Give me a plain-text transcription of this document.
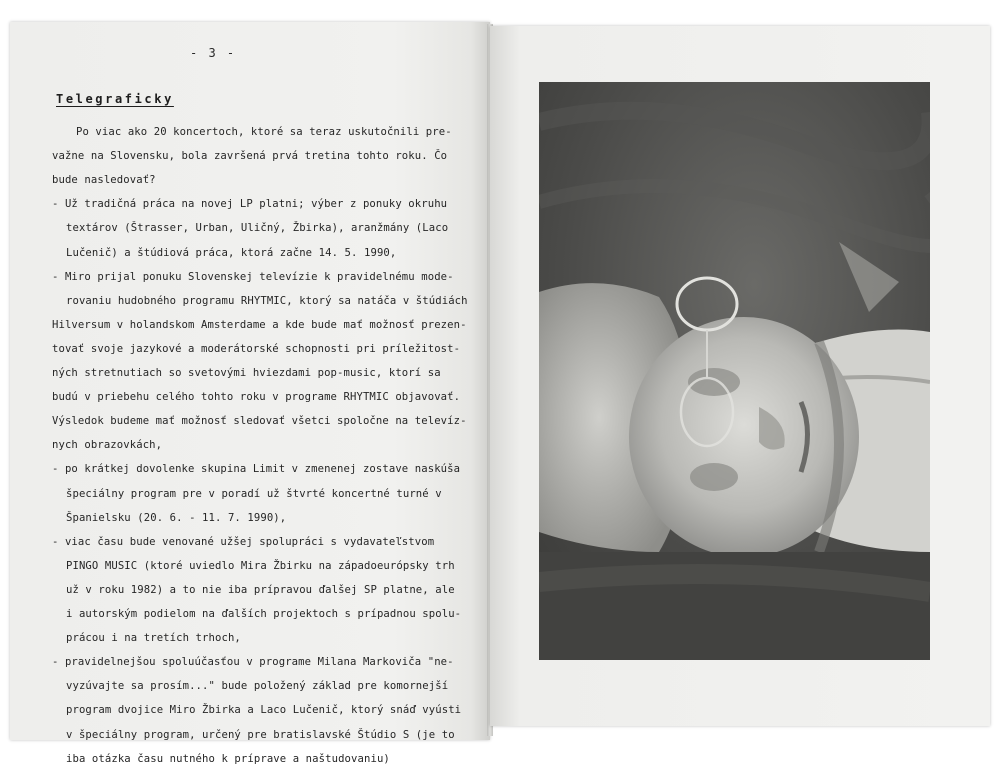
- 3 -
Telegraficky
Po viac ako 20 koncertoch, ktoré sa teraz uskutočnili pre-
važne na Slovensku, bola završená prvá tretina tohto roku. Čo
bude nasledovať?
- Už tradičná práca na novej LP platni; výber z ponuky okruhu
textárov (Štrasser, Urban, Uličný, Žbirka), aranžmány (Laco
Lučenič) a štúdiová práca, ktorá začne 14. 5. 1990,
- Miro prijal ponuku Slovenskej televízie k pravidelnému mode-
rovaniu hudobného programu RHYTMIC, ktorý sa natáča v štúdiách
Hilversum v holandskom Amsterdame a kde bude mať možnosť prezen-
tovať svoje jazykové a moderátorské schopnosti pri príležitost-
ných stretnutiach so svetovými hviezdami pop-music, ktorí sa
budú v priebehu celého tohto roku v programe RHYTMIC objavovať.
Výsledok budeme mať možnosť sledovať všetci spoločne na televíz-
nych obrazovkách,
- po krátkej dovolenke skupina Limit v zmenenej zostave naskúša
špeciálny program pre v poradí už štvrté koncertné turné v
Španielsku (20. 6. - 11. 7. 1990),
- viac času bude venované užšej spolupráci s vydavateľstvom
PINGO MUSIC (ktoré uviedlo Mira Žbirku na západoeurópsky trh
už v roku 1982) a to nie iba prípravou ďalšej SP platne, ale
i autorským podielom na ďalších projektoch s prípadnou spolu-
prácou i na tretích trhoch,
- pravidelnejšou spoluúčasťou v programe Milana Markoviča "ne-
vyzúvajte sa prosím..." bude položený základ pre komornejší
program dvojice Miro Žbirka a Laco Lučenič, ktorý snáď vyústi
v špeciálny program, určený pre bratislavské Štúdio S (je to
iba otázka času nutného k príprave a naštudovaniu)
